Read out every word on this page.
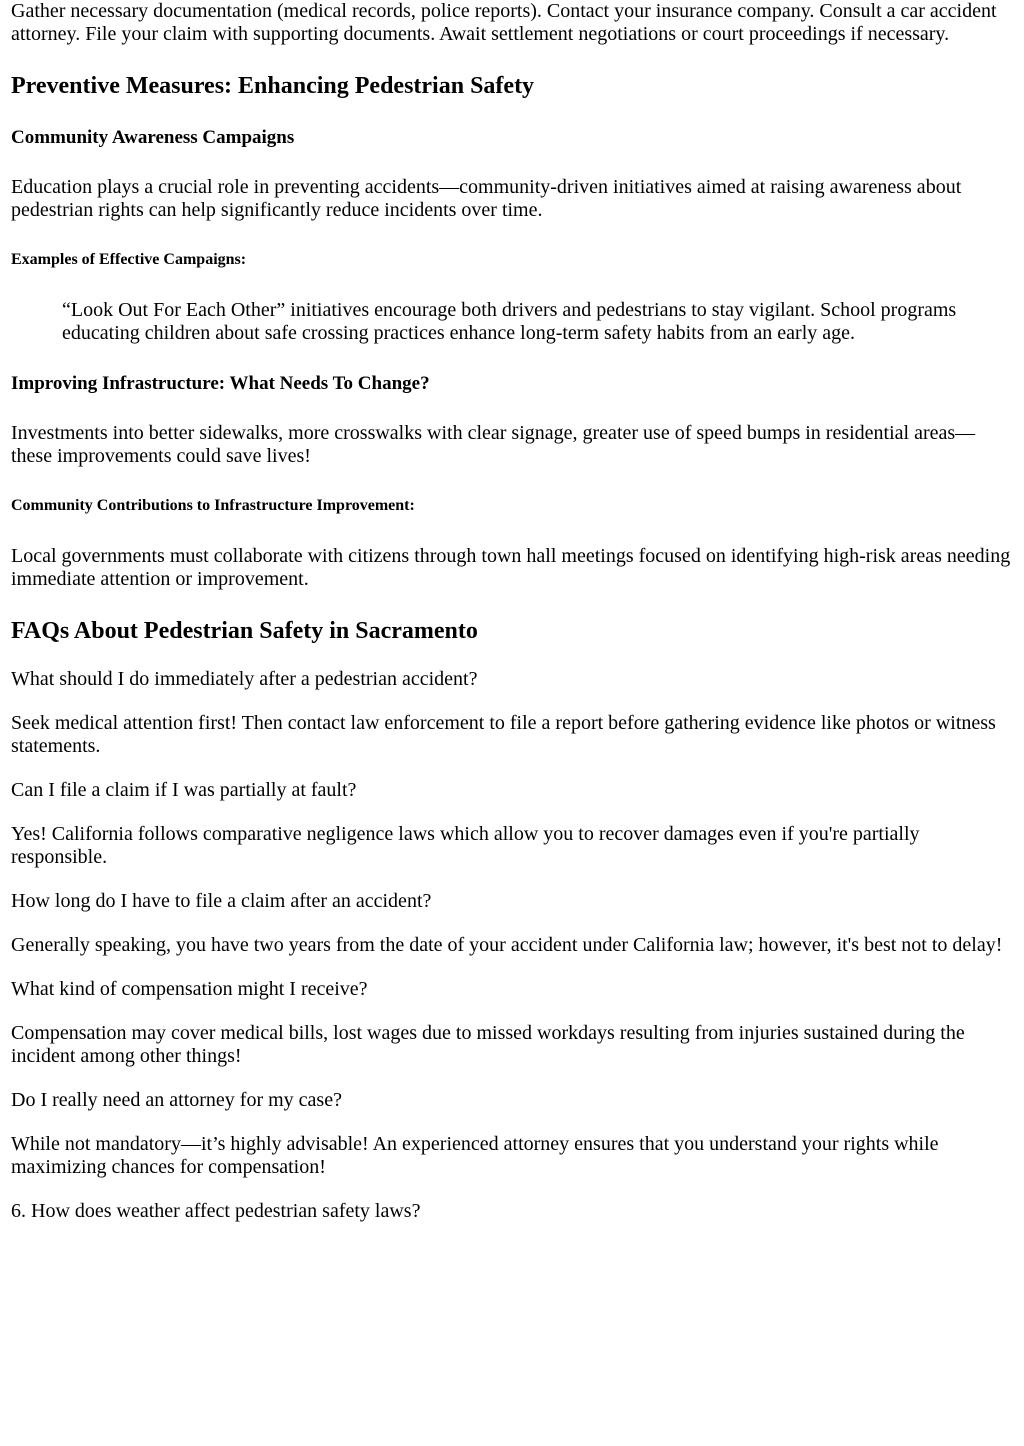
Gather necessary documentation (medical records, police reports). Contact your insurance company. Consult a car accident attorney. File your claim with supporting documents. Await settlement negotiations or court proceedings if necessary.

Preventive Measures: Enhancing Pedestrian Safety
Community Awareness Campaigns

Education plays a crucial role in preventing accidents—community-driven initiatives aimed at raising awareness about pedestrian rights can help significantly reduce incidents over time.

Examples of Effective Campaigns:
“Look Out For Each Other” initiatives encourage both drivers and pedestrians to stay vigilant. School programs educating children about safe crossing practices enhance long-term safety habits from an early age.
Improving Infrastructure: What Needs To Change?

Investments into better sidewalks, more crosswalks with clear signage, greater use of speed bumps in residential areas—these improvements could save lives!

Community Contributions to Infrastructure Improvement:

Local governments must collaborate with citizens through town hall meetings focused on identifying high-risk areas needing immediate attention or improvement.

FAQs About Pedestrian Safety in Sacramento

What should I do immediately after a pedestrian accident?

Seek medical attention first! Then contact law enforcement to file a report before gathering evidence like photos or witness statements.

Can I file a claim if I was partially at fault?

Yes! California follows comparative negligence laws which allow you to recover damages even if you're partially responsible.

How long do I have to file a claim after an accident?

Generally speaking, you have two years from the date of your accident under California law; however, it's best not to delay!

What kind of compensation might I receive?

Compensation may cover medical bills, lost wages due to missed workdays resulting from injuries sustained during the incident among other things!

Do I really need an attorney for my case?

While not mandatory—it’s highly advisable! An experienced attorney ensures that you understand your rights while maximizing chances for compensation!

6. How does weather affect pedestrian safety laws?
